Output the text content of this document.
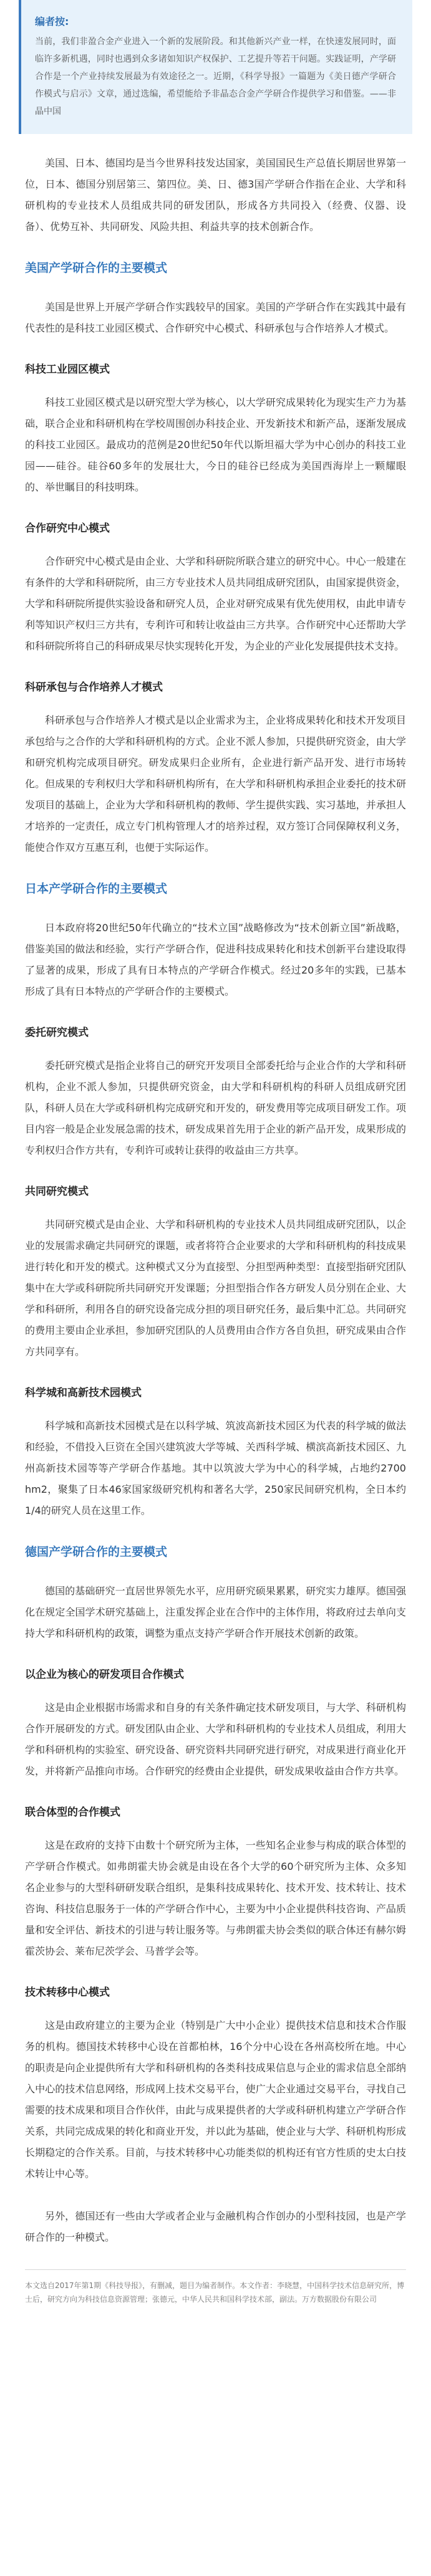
编者按:
当前，我们非盈合金产业进入一个新的发展阶段。和其他新兴产业一样，在快速发展同时，面临许多新机遇，同时也遇到众多诸如知识产权保护、工艺提升等若干问题。实践证明，产学研合作是一个产业持续发展最为有效途径之一。近期，《科学导报》一篇题为《美日德产学研合作模式与启示》文章，通过选编，希望能给予非晶态合金产学研合作提供学习和借鉴。——非晶中国

美国、日本、德国均是当今世界科技发达国家，美国国民生产总值长期居世界第一位，日本、德国分别居第三、第四位。美、日、德3国产学研合作指在企业、大学和科研机构的专业技术人员组成共同的研发团队，形成各方共同投入（经费、仪器、设备）、优势互补、共同研发、风险共担、利益共享的技术创新合作。

美国产学研合作的主要模式

美国是世界上开展产学研合作实践较早的国家。美国的产学研合作在实践其中最有代表性的是科技工业园区模式、合作研究中心模式、科研承包与合作培养人才模式。

科技工业园区模式

科技工业园区模式是以研究型大学为核心，以大学研究成果转化为现实生产力为基础，联合企业和科研机构在学校周围创办科技企业、开发新技术和新产品，逐渐发展成的科技工业园区。最成功的范例是20世纪50年代以斯坦福大学为中心创办的科技工业园——硅谷。硅谷60多年的发展壮大，今日的硅谷已经成为美国西海岸上一颗耀眼的、举世瞩目的科技明珠。

合作研究中心模式

合作研究中心模式是由企业、大学和科研院所联合建立的研究中心。中心一般建在有条件的大学和科研院所，由三方专业技术人员共同组成研究团队，由国家提供资金，大学和科研院所提供实验设备和研究人员，企业对研究成果有优先使用权，由此申请专利等知识产权归三方共有，专利许可和转让收益由三方共享。合作研究中心还帮助大学和科研院所将自己的科研成果尽快实现转化开发，为企业的产业化发展提供技术支持。

科研承包与合作培养人才模式

科研承包与合作培养人才模式是以企业需求为主，企业将成果转化和技术开发项目承包给与之合作的大学和科研机构的方式。企业不派人参加，只提供研究资金，由大学和研究机构完成项目研究。研发成果归企业所有，企业进行新产品开发、进行市场转化。但成果的专利权归大学和科研机构所有，在大学和科研机构承担企业委托的技术研发项目的基础上，企业为大学和科研机构的教师、学生提供实践、实习基地，并承担人才培养的一定责任，成立专门机构管理人才的培养过程，双方签订合同保障权利义务，能使合作双方互惠互利，也便于实际运作。

日本产学研合作的主要模式

日本政府将20世纪50年代确立的“技术立国”战略修改为“技术创新立国”新战略，借鉴美国的做法和经验，实行产学研合作，促进科技成果转化和技术创新平台建设取得了显著的成果，形成了具有日本特点的产学研合作模式。经过20多年的实践，已基本形成了具有日本特点的产学研合作的主要模式。

委托研究模式

委托研究模式是指企业将自己的研究开发项目全部委托给与企业合作的大学和科研机构，企业不派人参加，只提供研究资金，由大学和科研机构的科研人员组成研究团队，科研人员在大学或科研机构完成研究和开发的，研发费用等完成项目研发工作。项目内容一般是企业发展急需的技术，研发成果首先用于企业的新产品开发，成果形成的专利权归合作方共有，专利许可或转让获得的收益由三方共享。

共同研究模式

共同研究模式是由企业、大学和科研机构的专业技术人员共同组成研究团队，以企业的发展需求确定共同研究的课题，或者将符合企业要求的大学和科研机构的科技成果进行转化和开发的模式。这种模式又分为直接型、分担型两种类型：直接型指研究团队集中在大学或科研院所共同研究开发课题；分担型指合作各方研发人员分别在企业、大学和科研所，利用各自的研究设备完成分担的项目研究任务，最后集中汇总。共同研究的费用主要由企业承担，参加研究团队的人员费用由合作方各自负担，研究成果由合作方共同享有。

科学城和高新技术园模式

科学城和高新技术园模式是在以科学城、筑波高新技术园区为代表的科学城的做法和经验，不借投入巨资在全国兴建筑波大学等城、关西科学城、横滨高新技术园区、九州高新技术园等等产学研合作基地。其中以筑波大学为中心的科学城，占地约2700 hm2，聚集了日本46家国家级研究机构和著名大学，250家民间研究机构，全日本约1/4的研究人员在这里工作。

德国产学研合作的主要模式

德国的基础研究一直居世界领先水平，应用研究硕果累累，研究实力雄厚。德国强化在规定全国学术研究基础上，注重发挥企业在合作中的主体作用，将政府过去单向支持大学和科研机构的政策，调整为重点支持产学研合作开展技术创新的政策。

以企业为核心的研发项目合作模式

这是由企业根据市场需求和自身的有关条件确定技术研发项目，与大学、科研机构合作开展研发的方式。研发团队由企业、大学和科研机构的专业技术人员组成，利用大学和科研机构的实验室、研究设备、研究资料共同研究进行研究，对成果进行商业化开发，并将新产品推向市场。合作研究的经费由企业提供，研发成果收益由合作方共享。

联合体型的合作模式

这是在政府的支持下由数十个研究所为主体，一些知名企业参与构成的联合体型的产学研合作模式。如弗朗霍夫协会就是由设在各个大学的60个研究所为主体、众多知名企业参与的大型科研研发联合组织，是集科技成果转化、技术开发、技术转让、技术咨询、科技信息服务于一体的产学研合作中心，主要为中小企业提供科技咨询、产品质量和安全评估、新技术的引进与转让服务等。与弗朗霍夫协会类似的联合体还有赫尔姆霍茨协会、莱布尼茨学会、马普学会等。

技术转移中心模式

这是由政府建立的主要为企业（特别是广大中小企业）提供技术信息和技术合作服务的机构。德国技术转移中心设在首都柏林，16个分中心设在各州高校所在地。中心的职责是向企业提供所有大学和科研机构的各类科技成果信息与企业的需求信息全部纳入中心的技术信息网络，形成网上技术交易平台，使广大企业通过交易平台，寻找自己需要的技术成果和项目合作伙伴，由此与成果提供者的大学或科研机构建立产学研合作关系，共同完成成果的转化和商业开发，并以此为基础，使企业与大学、科研机构形成长期稳定的合作关系。目前，与技术转移中心功能类似的机构还有官方性质的史太白技术转让中心等。

另外，德国还有一些由大学或者企业与金融机构合作创办的小型科技园，也是产学研合作的一种模式。

本文选自2017年第1期《科技导报》，有删减，题目为编者制作。本文作者：李晓慧，中国科学技术信息研究所，博士后，研究方向为科技信息资源管理；张德元，中华人民共和国科学技术部，副法。万方数据股份有限公司
